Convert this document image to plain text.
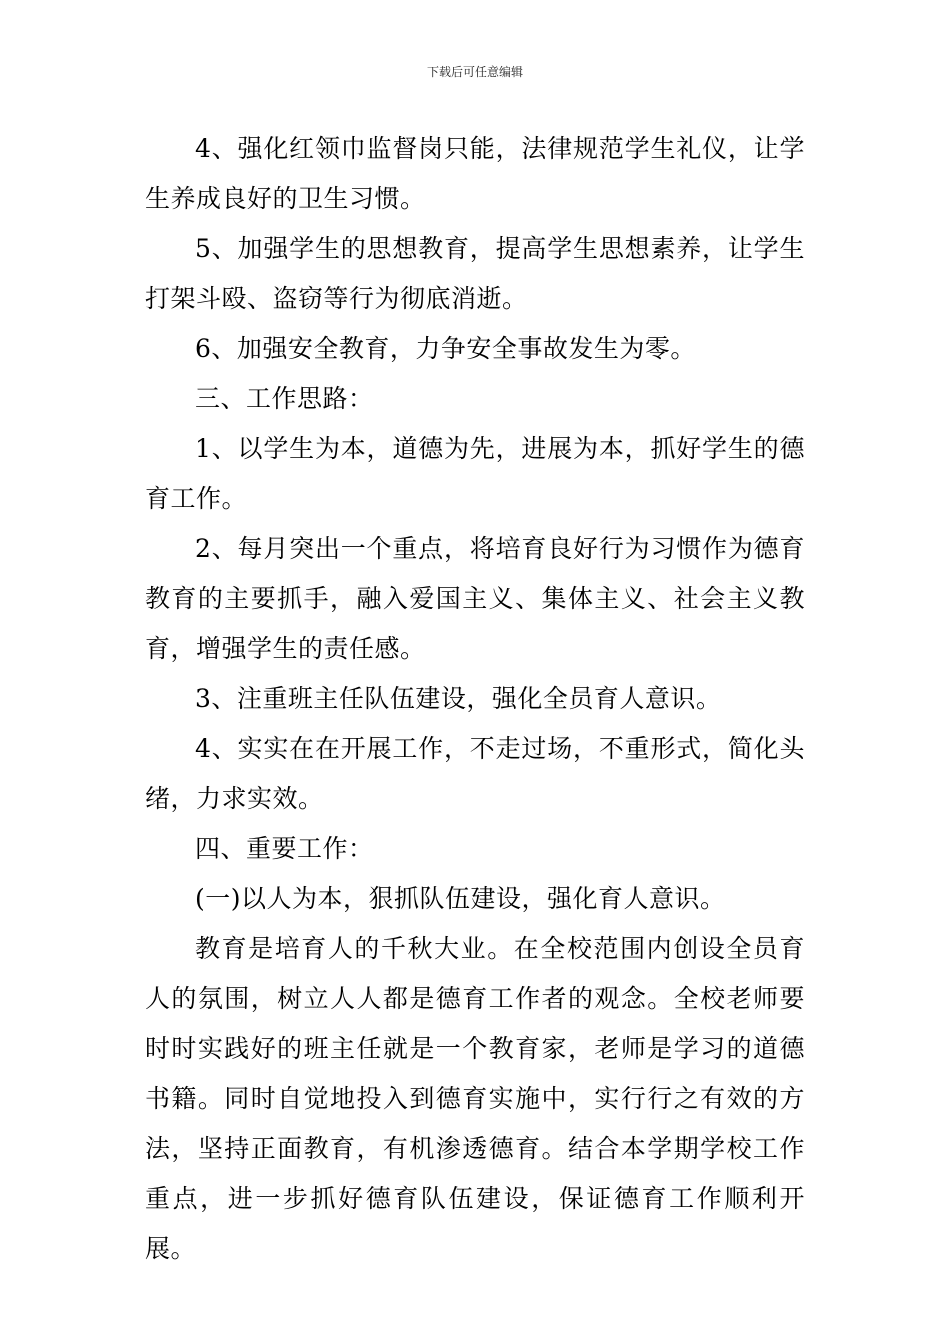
下载后可任意编辑

4、强化红领巾监督岗只能，法律规范学生礼仪，让学生养成良好的卫生习惯。

5、加强学生的思想教育，提高学生思想素养，让学生打架斗殴、盗窃等行为彻底消逝。

6、加强安全教育，力争安全事故发生为零。

三、工作思路：

1、以学生为本，道德为先，进展为本，抓好学生的德育工作。

2、每月突出一个重点，将培育良好行为习惯作为德育教育的主要抓手，融入爱国主义、集体主义、社会主义教育，增强学生的责任感。

3、注重班主任队伍建设，强化全员育人意识。

4、实实在在开展工作，不走过场，不重形式，简化头绪，力求实效。

四、重要工作：

(一)以人为本，狠抓队伍建设，强化育人意识。

教育是培育人的千秋大业。在全校范围内创设全员育人的氛围，树立人人都是德育工作者的观念。全校老师要时时实践好的班主任就是一个教育家，老师是学习的道德书籍。同时自觉地投入到德育实施中，实行行之有效的方法，坚持正面教育，有机渗透德育。结合本学期学校工作重点，进一步抓好德育队伍建设，保证德育工作顺利开展。
